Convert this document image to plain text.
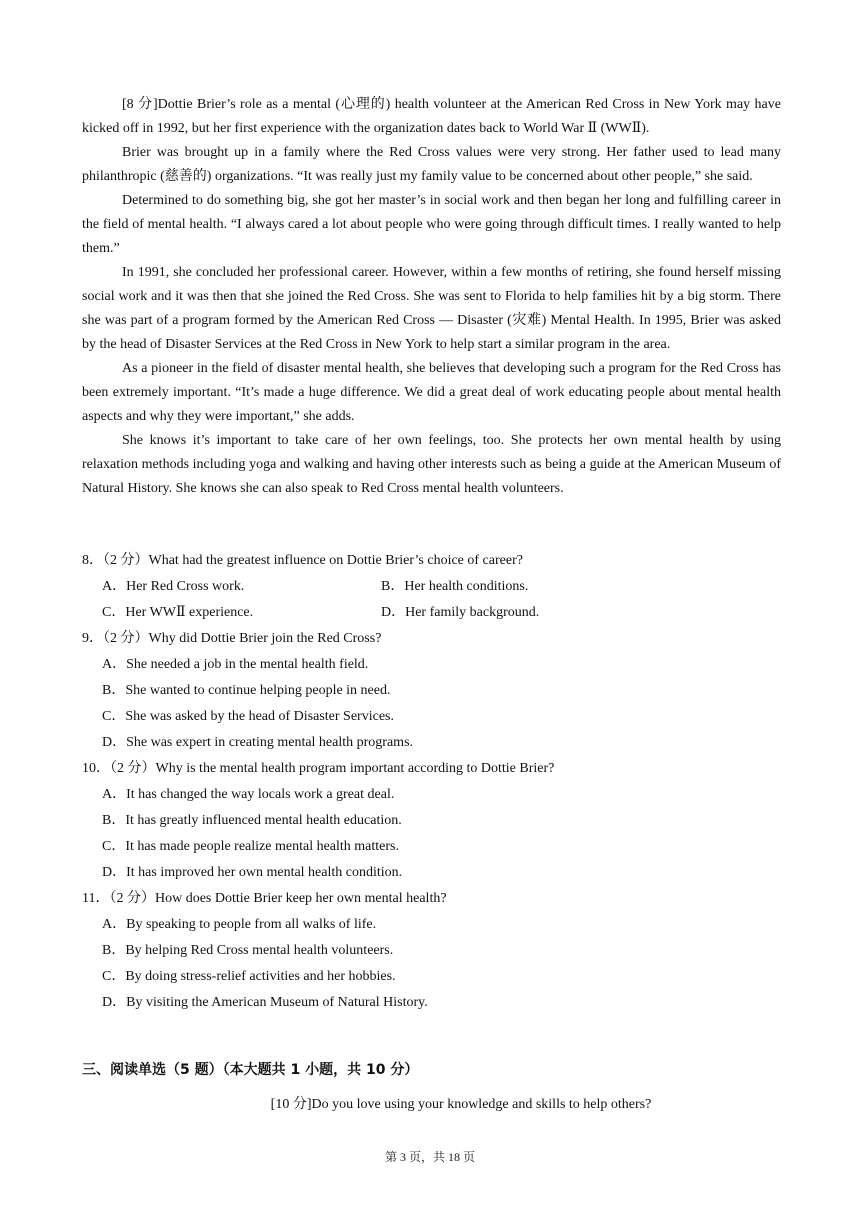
[8 分]Dottie Brier’s role as a mental (心理的) health volunteer at the American Red Cross in New York may have kicked off in 1992, but her first experience with the organization dates back to World War Ⅱ (WWⅡ).

Brier was brought up in a family where the Red Cross values were very strong. Her father used to lead many philanthropic (慈善的) organizations. “It was really just my family value to be concerned about other people,” she said.

Determined to do something big, she got her master’s in social work and then began her long and fulfilling career in the field of mental health. “I always cared a lot about people who were going through difficult times. I really wanted to help them.”

In 1991, she concluded her professional career. However, within a few months of retiring, she found herself missing social work and it was then that she joined the Red Cross. She was sent to Florida to help families hit by a big storm. There she was part of a program formed by the American Red Cross — Disaster (灾难) Mental Health. In 1995, Brier was asked by the head of Disaster Services at the Red Cross in New York to help start a similar program in the area.

As a pioneer in the field of disaster mental health, she believes that developing such a program for the Red Cross has been extremely important. “It’s made a huge difference. We did a great deal of work educating people about mental health aspects and why they were important,” she adds.

She knows it’s important to take care of her own feelings, too. She protects her own mental health by using relaxation methods including yoga and walking and having other interests such as being a guide at the American Museum of Natural History. She knows she can also speak to Red Cross mental health volunteers.

8．（2 分）What had the greatest influence on Dottie Brier’s choice of career?

A．Her Red Cross work.	B．Her health conditions.
C．Her WWⅡ experience.	D．Her family background.

9．（2 分）Why did Dottie Brier join the Red Cross?

A．She needed a job in the mental health field.

B．She wanted to continue helping people in need.

C．She was asked by the head of Disaster Services.

D．She was expert in creating mental health programs.

10．（2 分）Why is the mental health program important according to Dottie Brier?

A．It has changed the way locals work a great deal.

B．It has greatly influenced mental health education.

C．It has made people realize mental health matters.

D．It has improved her own mental health condition.

11．（2 分）How does Dottie Brier keep her own mental health?

A．By speaking to people from all walks of life.

B．By helping Red Cross mental health volunteers.

C．By doing stress-relief activities and her hobbies.

D．By visiting the American Museum of Natural History.

三、阅读单选（5 题）（本大题共 1 小题，共 10 分）
[10 分]Do you love using your knowledge and skills to help others?
第 3 页，共 18 页
